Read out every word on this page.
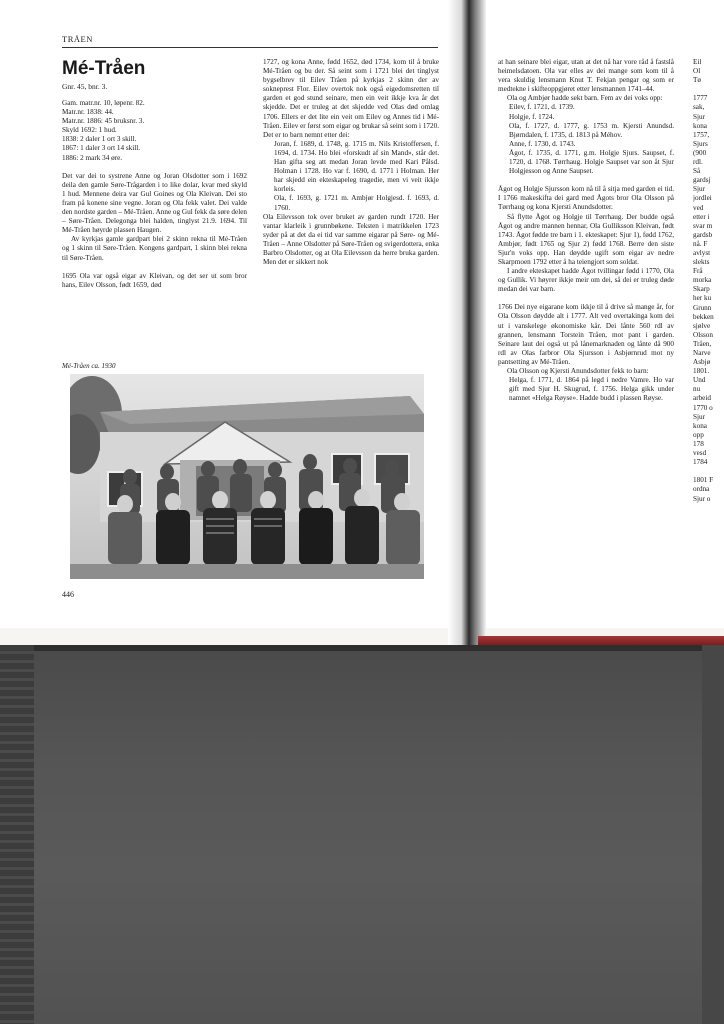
TRÅEN
Mé-Tråen
Gnr. 45, bnr. 3.

Gam. matr.nr. 10, løpenr. 82.

Matr.nr. 1838: 44.

Matr.nr. 1886: 45 bruksnr. 3.

Skyld 1692: 1 hud.

1838: 2 daler 1 ort 3 skill.

1867: 1 daler 3 ort 14 skill.

1886: 2 mark 34 øre.

Det var dei to systrene Anne og Joran Olsdotter som i 1692 deila den gamle Søre-Trågarden i to like dolar, kvar med skyld 1 hud. Mennene deira var Gul Goines og Ola Kleivan. Dei sto fram på konene sine vegne. Joran og Ola fekk valet. Dei valde den nordste garden – Mé-Tråen. Anne og Gul fekk da søre delen – Søre-Tråen. Delegonga blei halden, tinglyst 21.9. 1694. Til Mé-Tråen høyrde plassen Haugen.

Av kyrkjas gamle gardpart blei 2 skinn rekna til Mé-Tråen og 1 skinn til Søre-Tråen. Kongens gardpart, 1 skinn blei rekna til Søre-Tråen.

1695 Ola var også eigar av Kleivan, og det ser ut som bror hans, Eilev Olsson, født 1659, død

1727, og kona Anne, fødd 1652, død 1734, kom til å bruke Mé-Tråen og bu der. Så seint som i 1721 blei det tinglyst bygselbrev til Eilev Tråen på kyrkjas 2 skinn der av sokneprest Flor. Eilev overtok nok også eigedomsretten til garden et god stund seinare, men ein veit ikkje kva år det skjedde. Det er truleg at det skjedde ved Olas død omlag 1706. Ellers er det lite ein veit om Eilev og Annes tid i Mé-Tråen. Eilev er først som eigar og brukar så seint som i 1720. Det er to barn nemnt etter dei:

Joran, f. 1689, d. 1748, g. 1715 m. Nils Kristoffersen, f. 1694, d. 1734. Ho blei «forskudt af sin Mand», står det. Han gifta seg att medan Joran levde med Kari Pålsd. Holman i 1728. Ho var f. 1690, d. 1771 i Holman. Her har skjedd ein ekteskapeleg tragedie, men vi veit ikkje korleis.

Ola, f. 1693, g. 1721 m. Ambjør Holgjesd. f. 1693, d. 1760.

Ola Eilevsson tok over bruket av garden rundt 1720. Her vantar klarleik i grunnbøkene. Teksten i matrikkelen 1723 syder på at det da ei tid var samme eigarar på Søre- og Mé-Tråen – Anne Olsdotter på Søre-Tråen og svigerdottera, enka Barbro Olsdotter, og at Ola Eilevsson da herre bruka garden. Men det er sikkert nok

Mé-Tråen ca. 1930
446

at han seinare blei eigar, utan at det nå har vore råd å fastslå heimelsdatoen. Ola var elles av dei mange som kom til å vera skuldig lensmann Knut T. Fekjan pengar og som er medtekne i skifteoppgjøret etter lensmannen 1741–44.

Ola og Ambjør hadde sekt barn. Fem av dei voks opp:

Eilev, f. 1721, d. 1739.

Holgje, f. 1724.

Ola, f. 1727, d. 1777, g. 1753 m. Kjersti Anundsd. Bjørndalen, f. 1735, d. 1813 på Méhov.

Anne, f. 1730, d. 1743.

Ågot, f. 1735, d. 1771, g.m. Holgje Sjurs. Saupset, f. 1720, d. 1768. Tørrhaug. Holgje Saupset var son åt Sjur Holgjesson og Anne Saupset.

Ågot og Holgje Sjursson kom nå til å sitja med garden ei tid. I 1766 makeskifta dei gard med Ågots bror Ola Olsson på Tørrhaug og kona Kjersti Anundsdotter.

Så flytte Ågot og Holgje til Tørrhaug. Der budde også Ågot og andre mannen hennar, Ola Gulliksson Kleivan, født 1743. Ågot fødde tre barn i 1. ekteskapet: Sjur 1), fødd 1762, Ambjør, født 1765 og Sjur 2) fødd 1768. Berre den siste Sjur'n voks opp. Han døydde ugift som eigar av nedre Skarpmoen 1792 etter å ha teiengjort som soldat.

I andre ekteskapet hadde Ågot tvillingar fødd i 1770, Ola og Gullik. Vi høyrer ikkje meir om dei, så dei er truleg døde medan dei var barn.

1766 Dei nye eigarane kom ikkje til å drive så mange år, for Ola Olsson døydde alt i 1777. Alt ved overtakinga kom dei ut i vanskelege økonomiske kår. Dei lånte 560 rdl av grannen, lensmann Torstein Tråen, mot pant i garden. Seinare laut dei også ut på lånemarknaden og lånte då 900 rdl av Olas farbror Ola Sjursson i Asbjørnrud mot ny pantsetting av Mé-Tråen.

Ola Olsson og Kjersti Anundsdotter fekk to barn:

Helga, f. 1771, d. 1864 på legd i nedre Vamre. Ho var gift med Sjur H. Skugrud, f. 1756. Helga gikk under namnet «Helga Røyse». Hadde budd i plassen Røyse.

Eil

Ol

Tø

1777

sak,

Sjur

kona

1757,

Sjurs

(900

rdl.

Så

gardsj

Sjur

jordlei

ved

etter i

svar m

gardsb

nå. F

avlyst

slekts

Frå

morka

Skarp

her ku

Grunn

bekken

sjølve

Olsson

Tråen,

Narve

Asbjø

1801.

Und

nu

arbeid

1770 o

Sjur

kona

opp

178

vesd

1784

1801 F

ordna

Sjur o
